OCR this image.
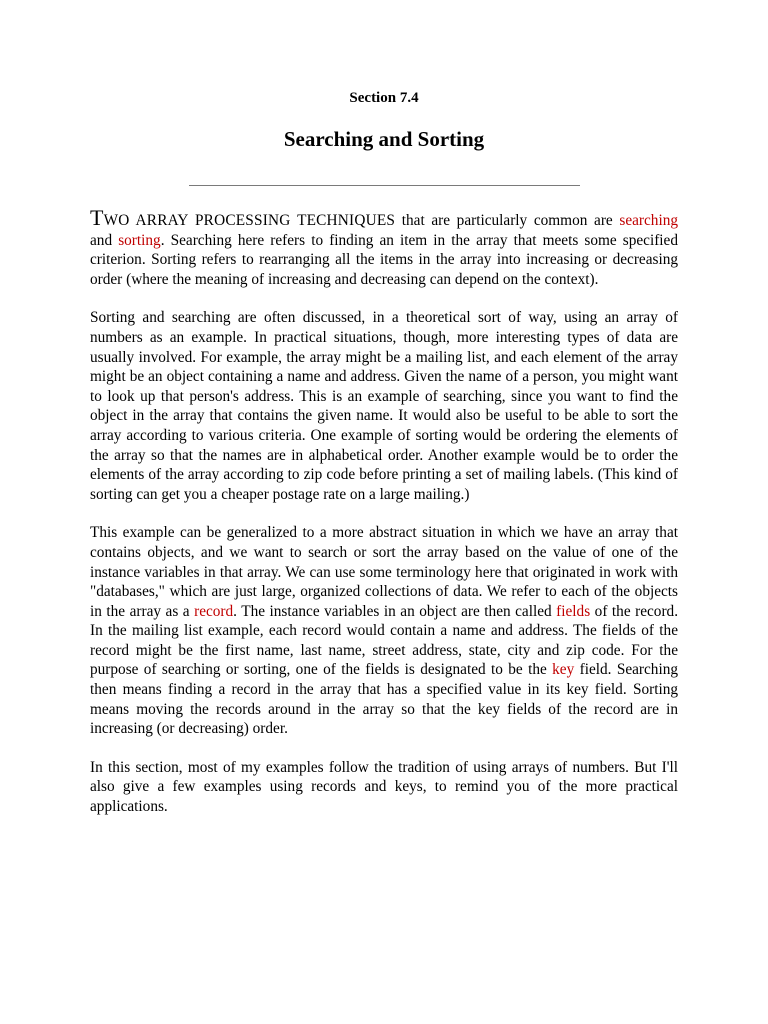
Section 7.4
Searching and Sorting

TWO ARRAY PROCESSING TECHNIQUES that are particularly common are searching and sorting. Searching here refers to finding an item in the array that meets some specified criterion. Sorting refers to rearranging all the items in the array into increasing or decreasing order (where the meaning of increasing and decreasing can depend on the context).

Sorting and searching are often discussed, in a theoretical sort of way, using an array of numbers as an example. In practical situations, though, more interesting types of data are usually involved. For example, the array might be a mailing list, and each element of the array might be an object containing a name and address. Given the name of a person, you might want to look up that person's address. This is an example of searching, since you want to find the object in the array that contains the given name. It would also be useful to be able to sort the array according to various criteria. One example of sorting would be ordering the elements of the array so that the names are in alphabetical order. Another example would be to order the elements of the array according to zip code before printing a set of mailing labels. (This kind of sorting can get you a cheaper postage rate on a large mailing.)

This example can be generalized to a more abstract situation in which we have an array that contains objects, and we want to search or sort the array based on the value of one of the instance variables in that array. We can use some terminology here that originated in work with "databases," which are just large, organized collections of data. We refer to each of the objects in the array as a record. The instance variables in an object are then called fields of the record. In the mailing list example, each record would contain a name and address. The fields of the record might be the first name, last name, street address, state, city and zip code. For the purpose of searching or sorting, one of the fields is designated to be the key field. Searching then means finding a record in the array that has a specified value in its key field. Sorting means moving the records around in the array so that the key fields of the record are in increasing (or decreasing) order.

In this section, most of my examples follow the tradition of using arrays of numbers. But I'll also give a few examples using records and keys, to remind you of the more practical applications.
